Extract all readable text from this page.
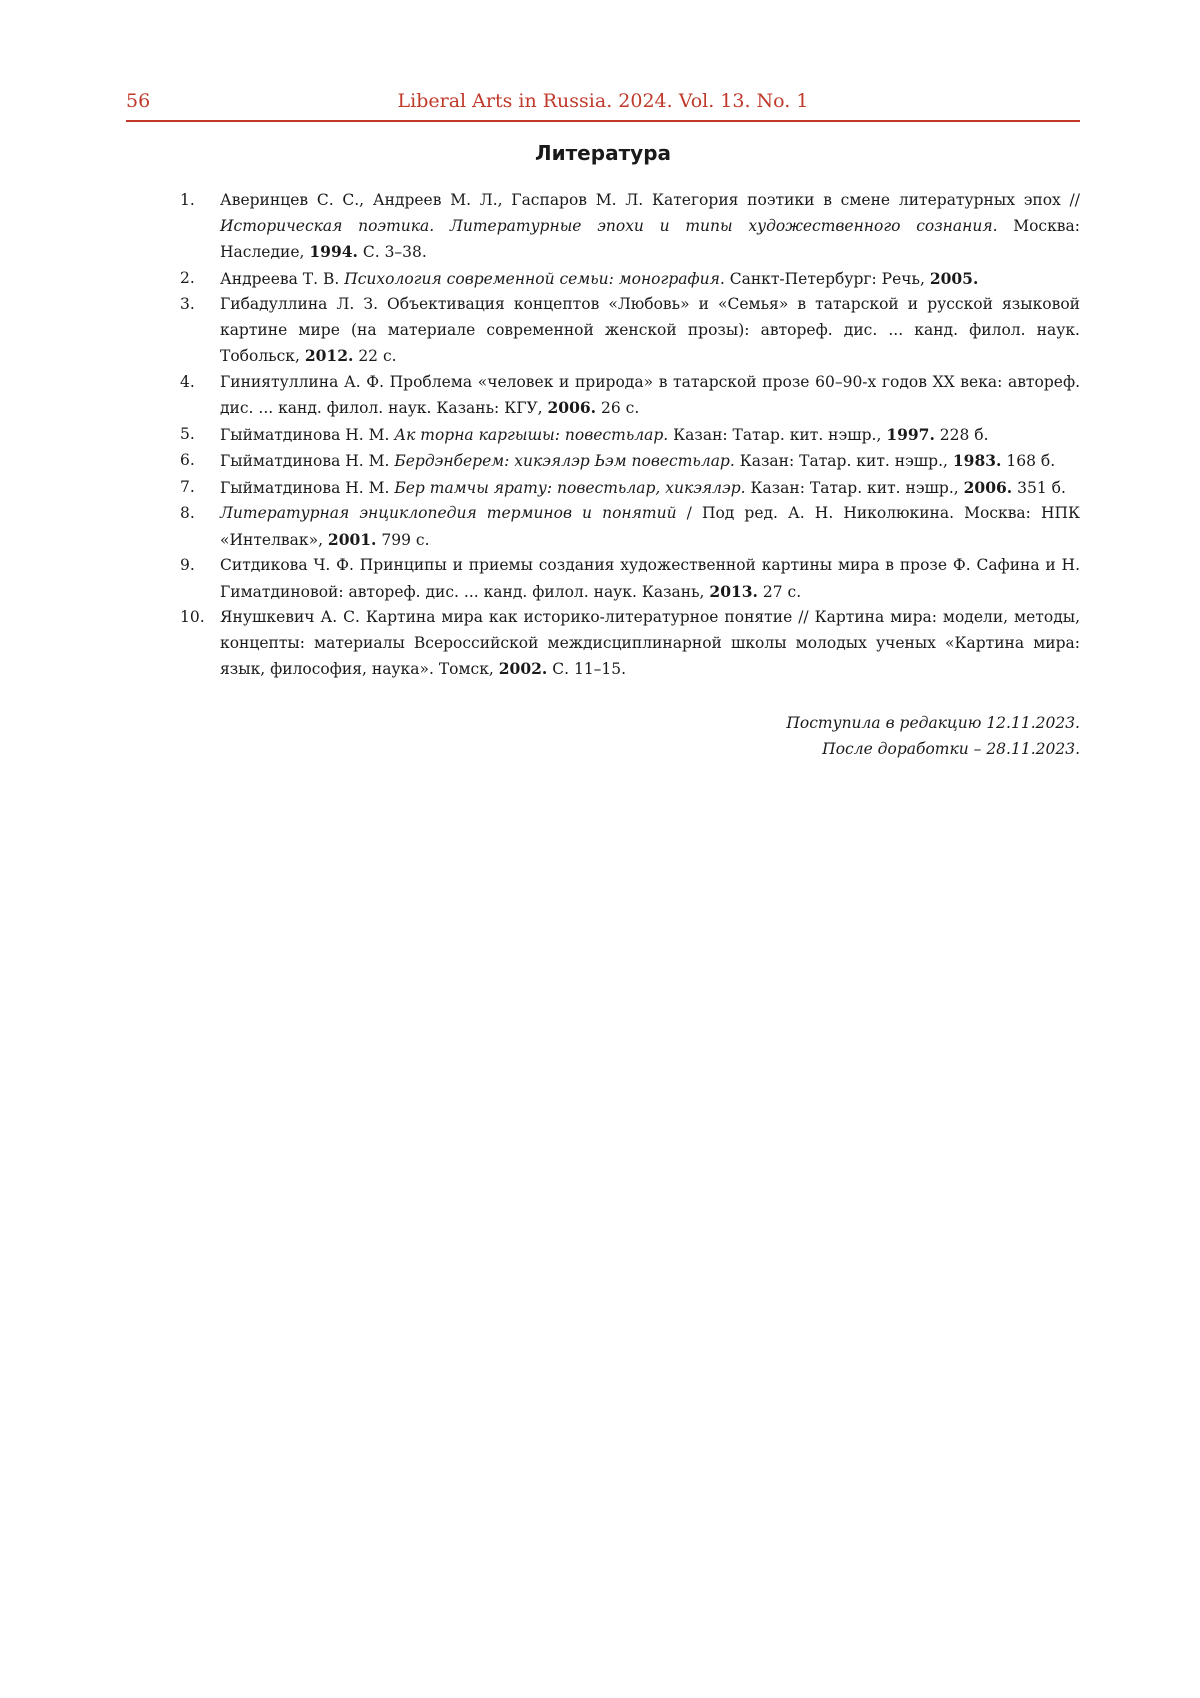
56	Liberal Arts in Russia. 2024. Vol. 13. No. 1
Литература
1.	Аверинцев С. С., Андреев М. Л., Гаспаров М. Л. Категория поэтики в смене литературных эпох // Историческая поэтика. Литературные эпохи и типы художественного сознания. Москва: Наследие, 1994. С. 3–38.
2.	Андреева Т. В. Психология современной семьи: монография. Санкт-Петербург: Речь, 2005.
3.	Гибадуллина Л. З. Объективация концептов «Любовь» и «Семья» в татарской и русской языковой картине мире (на материале современной женской прозы): автореф. дис. ... канд. филол. наук. Тобольск, 2012. 22 с.
4.	Гиниятуллина А. Ф. Проблема «человек и природа» в татарской прозе 60–90-х годов XX века: автореф. дис. ... канд. филол. наук. Казань: КГУ, 2006. 26 с.
5.	Гыйматдинова Н. М. Ак торна каргышы: повестьлар. Казан: Татар. кит. нэшр., 1997. 228 б.
6.	Гыйматдинова Н. М. Бердэнберем: хикэялэр Ьэм повестьлар. Казан: Татар. кит. нэшр., 1983. 168 б.
7.	Гыйматдинова Н. М. Бер тамчы ярату: повестьлар, хикэялэр. Казан: Татар. кит. нэшр., 2006. 351 б.
8.	Литературная энциклопедия терминов и понятий / Под ред. А. Н. Николюкина. Москва: НПК «Интелвак», 2001. 799 с.
9.	Ситдикова Ч. Ф. Принципы и приемы создания художественной картины мира в прозе Ф. Сафина и Н. Гиматдиновой: автореф. дис. ... канд. филол. наук. Казань, 2013. 27 с.
10. Янушкевич А. С. Картина мира как историко-литературное понятие // Картина мира: модели, методы, концепты: материалы Всероссийской междисциплинарной школы молодых ученых «Картина мира: язык, философия, наука». Томск, 2002. С. 11–15.
Поступила в редакцию 12.11.2023.
После доработки – 28.11.2023.
